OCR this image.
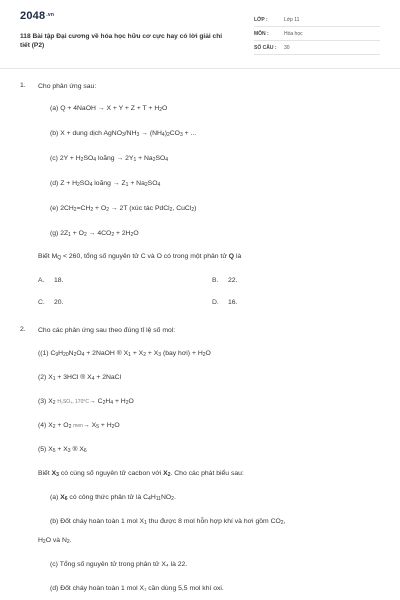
$2048^{.vn}$
118 Bài tập Đại cương về hóa học hữu cơ cực hay có lời giải chi tiết (P2)
LỚP :	Lớp 11
MÔN :	Hóa học
SỐ CÂU : 30
1. Cho phản ứng sau:
(a) Q + 4NaOH → $X + Y + Z + T + H_2O$
(b) X + dung dịch $AgNO_3/NH_3 \to (NH_4)_2CO_3$ + ...
(c) $2Y + H_2SO_4$ loãng → $2Y_1 + Na_2SO_4$
(d) $Z + H_2SO_4$ loãng → $Z_1 + Na_2SO_4$
(e) $2CH_2=CH_2 + O_2 \to 2T$ (xúc tác PdCl$_2$, CuCl$_2$)
(g) $2Z_1 + O_2 \to 4CO_2 + 2H_2O$
Biết $M_Q < 260$, tổng số nguyên tử C và O có trong một phân tử Q là
A. 18.	B. 22.
C. 20.	D. 16.
2. Cho các phản ứng sau theo đúng tỉ lệ số mol:
((1) $C_9H_{20}N_2O_4$ + 2NaOH ® $X_1 + X_2 + X_3$ (bay hơi) + $H_2O$
(2) $X_1 + 3HCl$ ® $X_4$ + 2NaCl
(3) $X_2$ H₂SO₄, $170^\circ C\to C_2H_4 + H_2O$
(4) $X_2 + O_2$ $men\to X_5 + H_2O$
(5) $X_5 + X_3$ ® $X_6$
Biết $X_3$ có cùng số nguyên tử cacbon với $X_2$. Cho các phát biểu sau:
(a) $X_6$ có công thức phân tử là $C_4H_{11}NO_2$.
(b) Đốt cháy hoàn toàn 1 mol $X_1$ thu được 8 mol hỗn hợp khí và hơi gồm $CO_2$,
$H_2O$ và $N_2$.
(c) Tổng số nguyên tử trong phân tử X₄ là 22.
(d) Đốt cháy hoàn toàn 1 mol X₁ cần dùng 5,5 mol khí oxi.
